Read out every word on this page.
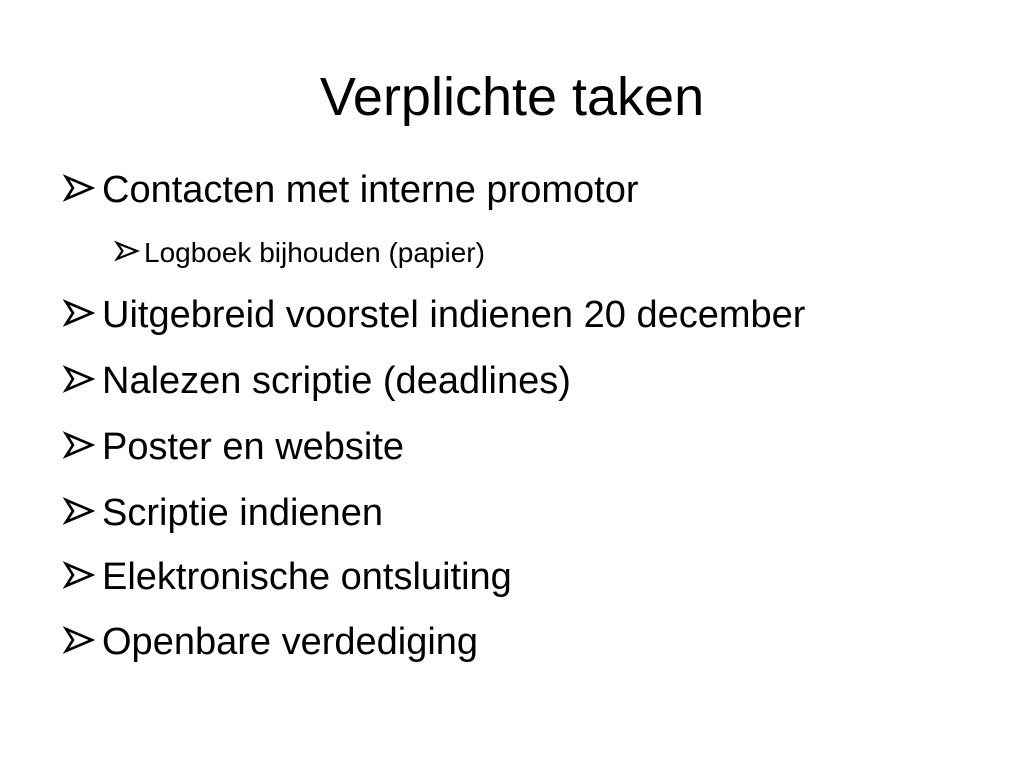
Verplichte taken
Contacten met interne promotor
Logboek bijhouden (papier)
Uitgebreid voorstel indienen 20 december
Nalezen scriptie (deadlines)
Poster en website
Scriptie indienen
Elektronische ontsluiting
Openbare verdediging
